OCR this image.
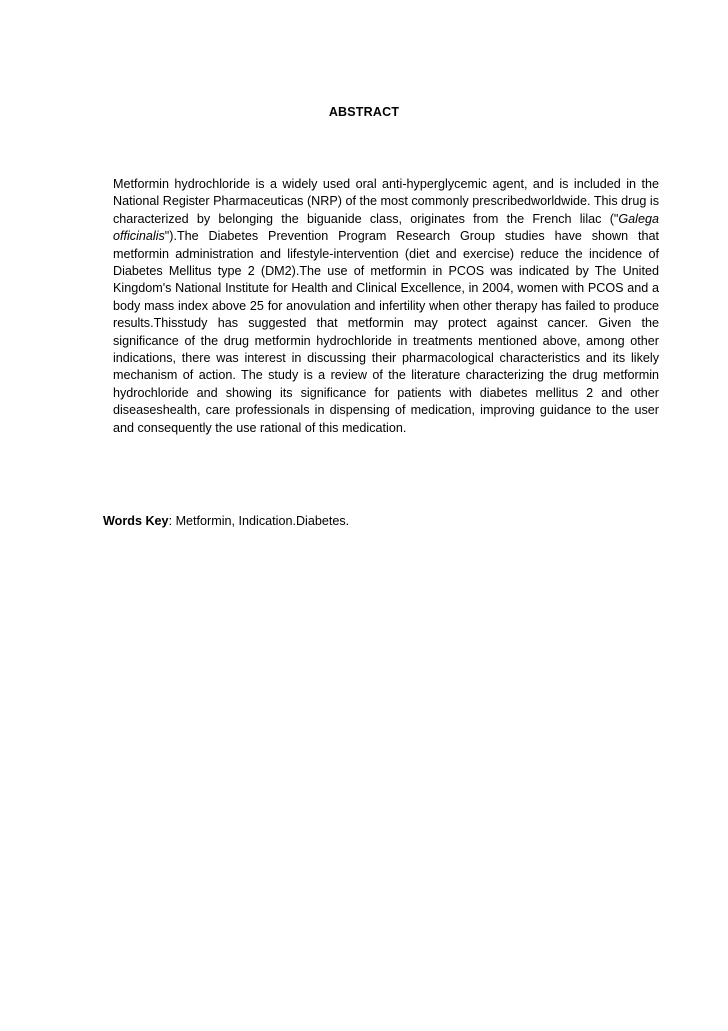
ABSTRACT

Metformin hydrochloride is a widely used oral anti-hyperglycemic agent, and is included in the National Register Pharmaceuticas (NRP) of the most commonly prescribedworldwide. This drug is characterized by belonging the biguanide class, originates from the French lilac ("Galega officinalis").The Diabetes Prevention Program Research Group studies have shown that metformin administration and lifestyle-intervention (diet and exercise) reduce the incidence of Diabetes Mellitus type 2 (DM2).The use of metformin in PCOS was indicated by The United Kingdom's National Institute for Health and Clinical Excellence, in 2004, women with PCOS and a body mass index above 25 for anovulation and infertility when other therapy has failed to produce results.Thisstudy has suggested that metformin may protect against cancer. Given the significance of the drug metformin hydrochloride in treatments mentioned above, among other indications, there was interest in discussing their pharmacological characteristics and its likely mechanism of action. The study is a review of the literature characterizing the drug metformin hydrochloride and showing its significance for patients with diabetes mellitus 2 and other diseaseshealth, care professionals in dispensing of medication, improving guidance to the user and consequently the use rational of this medication.

Words Key: Metformin, Indication.Diabetes.
